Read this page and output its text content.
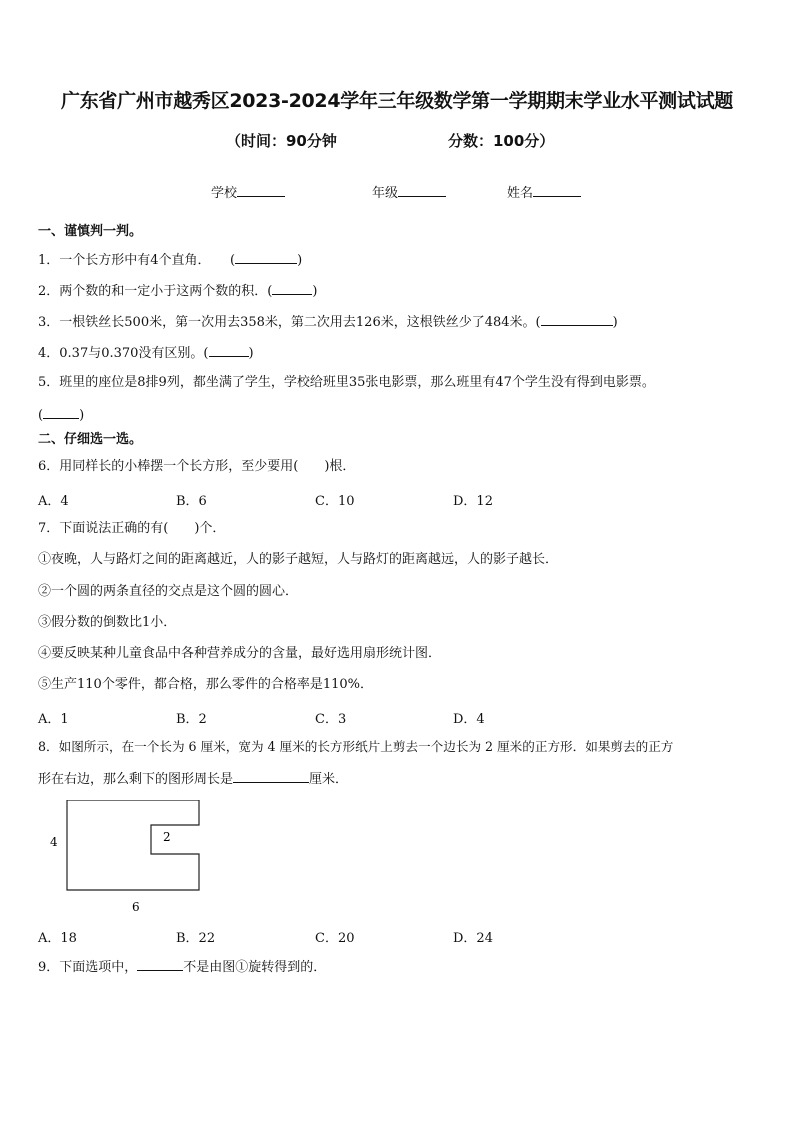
广东省广州市越秀区2023-2024学年三年级数学第一学期期末学业水平测试试题
（时间：90分钟	分数：100分）
学校	年级	姓名
一、谨慎判一判。
1．一个长方形中有4个直角．　　(	)
2．两个数的和一定小于这两个数的积．(	)
3．一根铁丝长500米，第一次用去358米，第二次用去126米，这根铁丝少了484米。(	)
4．0.37与0.370没有区别。(	)
5．班里的座位是8排9列，都坐满了学生，学校给班里35张电影票，那么班里有47个学生没有得到电影票。
(	)
二、仔细选一选。
6．用同样长的小棒摆一个长方形，至少要用(　　)根．
A．4	B．6	C．10	D．12
7．下面说法正确的有(　　)个．
①夜晚，人与路灯之间的距离越近，人的影子越短，人与路灯的距离越远，人的影子越长．
②一个圆的两条直径的交点是这个圆的圆心．
③假分数的倒数比1小．
④要反映某种儿童食品中各种营养成分的含量，最好选用扇形统计图．
⑤生产110个零件，都合格，那么零件的合格率是110%．
A．1	B．2	C．3	D．4
8．如图所示，在一个长为 6 厘米，宽为 4 厘米的长方形纸片上剪去一个边长为 2 厘米的正方形．如果剪去的正方
形在右边，那么剩下的图形周长是	厘米．
4	2
6
A．18	B．22	C．20	D．24
9．下面选项中，	不是由图①旋转得到的．
